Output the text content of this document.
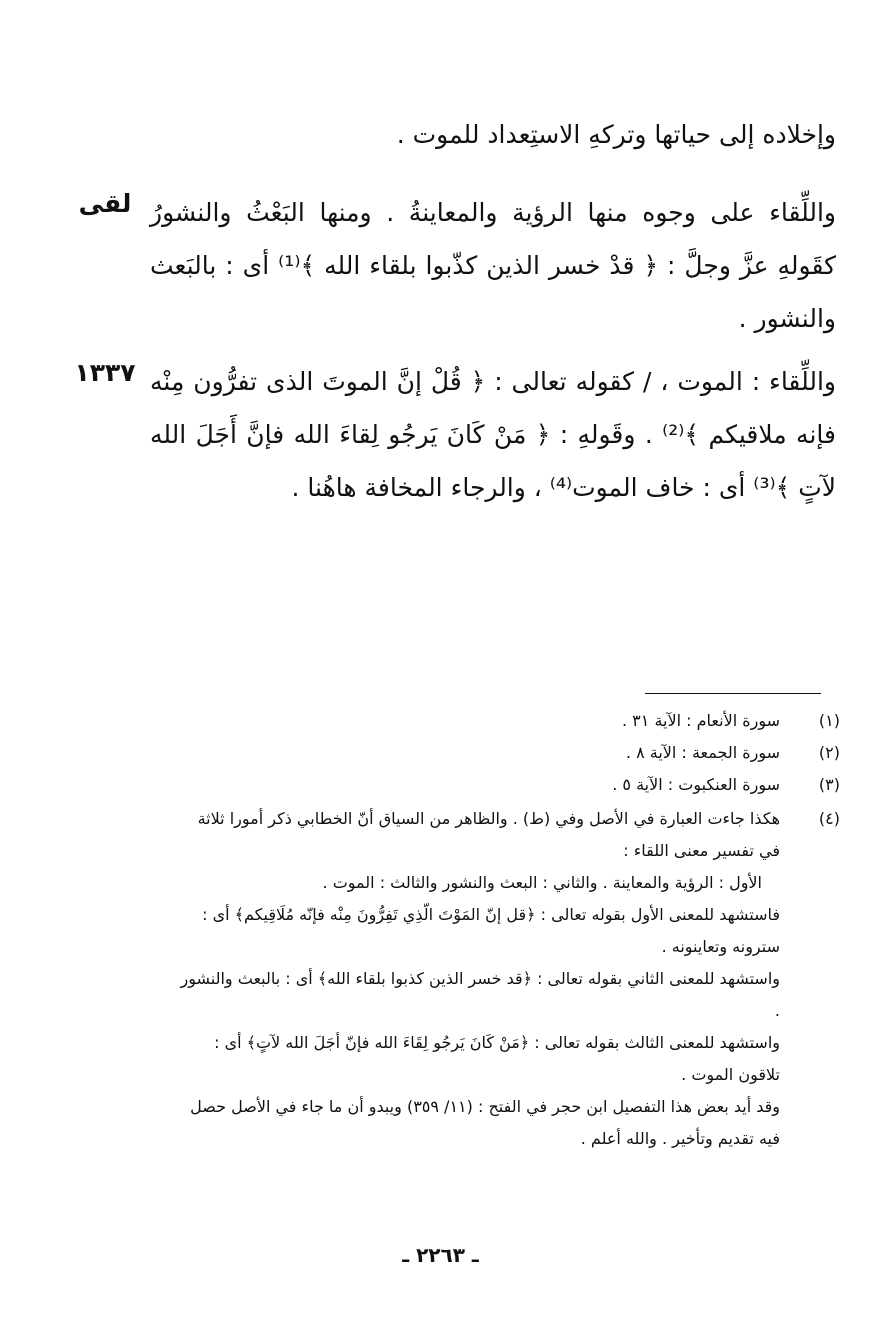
وإخلاده إلى حياتها وتركهِ الاستِعداد للموت .

لقى واللِّقاء على وجوه منها الرؤية والمعاينةُ . ومنها البَعْثُ والنشورُ كقَولهِ عزَّ وجلَّ : ﴿ قدْ خسر الذين كذّبوا بلقاء الله ﴾⁽¹⁾ أى : بالبَعث والنشور .

١٣٣٧ واللِّقاء : الموت ، / كقوله تعالى : ﴿ قُلْ إنَّ الموتَ الذى تفرُّون مِنْه فإنه ملاقيكم ﴾⁽²⁾ . وقَولهِ : ﴿ مَنْ كَانَ يَرجُو لِقاءَ الله فإنَّ أَجَلَ الله لآتٍ ﴾⁽³⁾ أى : خاف الموت⁽⁴⁾ ، والرجاء المخافة هاهُنا .

(١)
سورة الأنعام : الآية ٣١ .
(٢)
سورة الجمعة : الآية ٨ .
(٣)
سورة العنكبوت : الآية ٥ .
(٤)
هكذا جاءت العبارة في الأصل وفي (ط) . والظاهر من السياق أنّ الخطابي ذكر أمورا ثلاثة في تفسير معنى اللقاء :
الأول : الرؤية والمعاينة . والثاني : البعث والنشور والثالث : الموت .
فاستشهد للمعنى الأول بقوله تعالى : ﴿قل إنّ المَوْتَ الّذِي تَفِرُّونَ مِنْه فإنّه مُلَاقِيكم﴾ أى : سترونه وتعاينونه .
واستشهد للمعنى الثاني بقوله تعالى : ﴿قد خسر الذين كذبوا بلقاء الله﴾ أى : بالبعث والنشور .
واستشهد للمعنى الثالث بقوله تعالى : ﴿مَنْ كَانَ يَرجُو لِقَاءَ الله فإنّ أجَلَ الله لآتٍ﴾ أى : تلاقون الموت .
وقد أيد بعض هذا التفصيل ابن حجر في الفتح : (١١/ ٣٥٩) ويبدو أن ما جاء في الأصل حصل فيه تقديم وتأخير . والله أعلم .
ـ ٢٢٦٣ ـ
